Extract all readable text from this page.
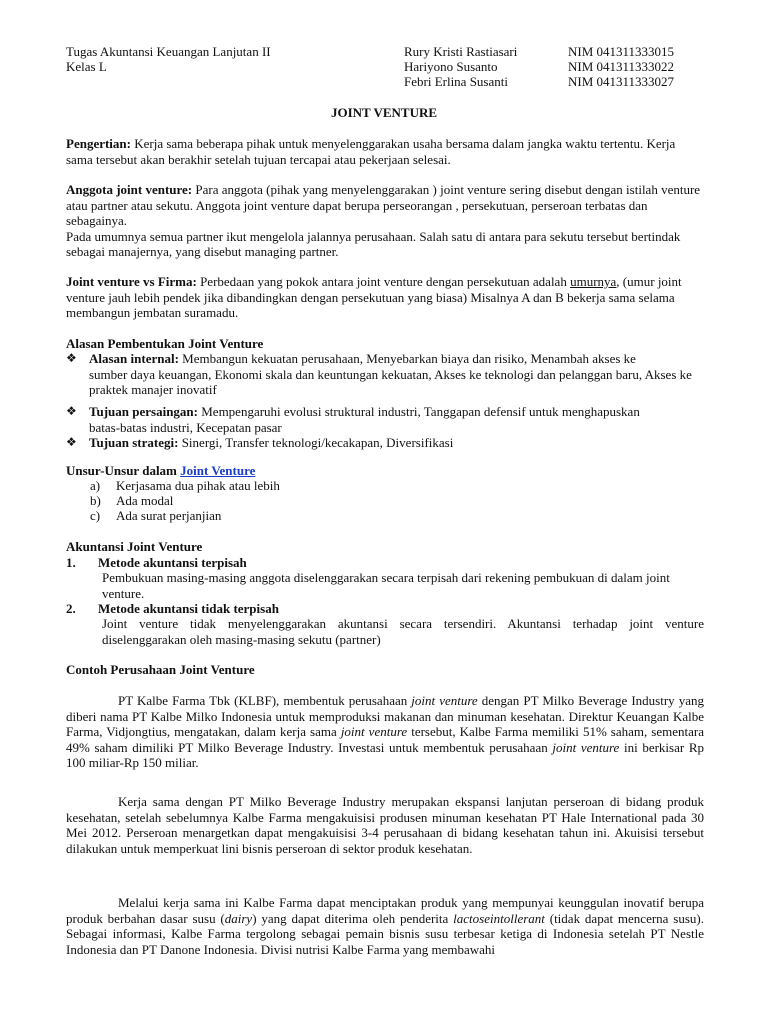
Tugas Akuntansi Keuangan Lanjutan II
Kelas L
Rury Kristi Rastiasari
Hariyono Susanto
Febri Erlina Susanti
NIM 041311333015
NIM 041311333022
NIM 041311333027
JOINT VENTURE

Pengertian: Kerja sama beberapa pihak untuk menyelenggarakan usaha bersama dalam jangka waktu tertentu. Kerja sama tersebut akan berakhir setelah tujuan tercapai atau pekerjaan selesai.

Anggota joint venture: Para anggota (pihak yang menyelenggarakan ) joint venture sering disebut dengan istilah venture atau partner atau sekutu. Anggota joint venture dapat berupa perseorangan , persekutuan, perseroan terbatas dan sebagainya.

Pada umumnya semua partner ikut mengelola jalannya perusahaan. Salah satu di antara para sekutu tersebut bertindak sebagai manajernya, yang disebut managing partner.

Joint venture vs Firma: Perbedaan yang pokok antara joint venture dengan persekutuan adalah umurnya, (umur joint venture jauh lebih pendek jika dibandingkan dengan persekutuan yang biasa) Misalnya A dan B bekerja sama selama membangun jembatan suramadu.

Alasan Pembentukan Joint Venture
❖ Alasan internal: Membangun kekuatan perusahaan, Menyebarkan biaya dan risiko, Menambah akses ke
sumber daya keuangan, Ekonomi skala dan keuntungan kekuatan, Akses ke teknologi dan pelanggan baru, Akses ke praktek manajer inovatif
❖ Tujuan persaingan: Mempengaruhi evolusi struktural industri, Tanggapan defensif untuk menghapuskan
batas-batas industri, Kecepatan pasar
❖ Tujuan strategi: Sinergi, Transfer teknologi/kecakapan, Diversifikasi
Unsur-Unsur dalam Joint Venture
a) Kerjasama dua pihak atau lebih
b) Ada modal
c) Ada surat perjanjian
Akuntansi Joint Venture
1. Metode akuntansi terpisah
Pembukuan masing-masing anggota diselenggarakan secara terpisah dari rekening pembukuan di dalam joint venture.
2. Metode akuntansi tidak terpisah
Joint venture tidak menyelenggarakan akuntansi secara tersendiri. Akuntansi terhadap joint venture diselenggarakan oleh masing-masing sekutu (partner)
Contoh Perusahaan Joint Venture
PT Kalbe Farma Tbk (KLBF), membentuk perusahaan joint venture dengan PT Milko Beverage Industry yang diberi nama PT Kalbe Milko Indonesia untuk memproduksi makanan dan minuman kesehatan. Direktur Keuangan Kalbe Farma, Vidjongtius, mengatakan, dalam kerja sama joint venture tersebut, Kalbe Farma memiliki 51% saham, sementara 49% saham dimiliki PT Milko Beverage Industry. Investasi untuk membentuk perusahaan joint venture ini berkisar Rp 100 miliar-Rp 150 miliar.
Kerja sama dengan PT Milko Beverage Industry merupakan ekspansi lanjutan perseroan di bidang produk kesehatan, setelah sebelumnya Kalbe Farma mengakuisisi produsen minuman kesehatan PT Hale International pada 30 Mei 2012. Perseroan menargetkan dapat mengakuisisi 3-4 perusahaan di bidang kesehatan tahun ini. Akuisisi tersebut dilakukan untuk memperkuat lini bisnis perseroan di sektor produk kesehatan.
Melalui kerja sama ini Kalbe Farma dapat menciptakan produk yang mempunyai keunggulan inovatif berupa produk berbahan dasar susu (dairy) yang dapat diterima oleh penderita lactoseintollerant (tidak dapat mencerna susu). Sebagai informasi, Kalbe Farma tergolong sebagai pemain bisnis susu terbesar ketiga di Indonesia setelah PT Nestle Indonesia dan PT Danone Indonesia. Divisi nutrisi Kalbe Farma yang membawahi
